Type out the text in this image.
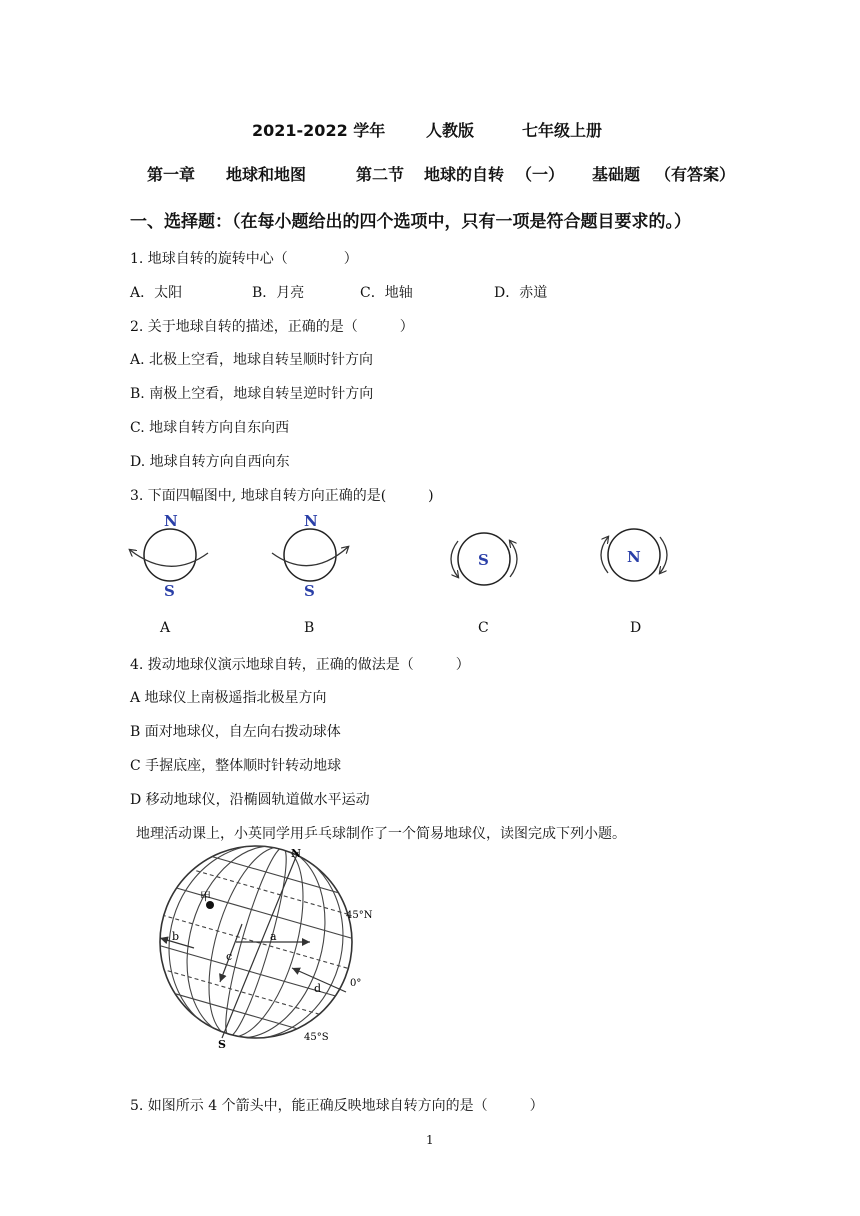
2021-2022 学年	人教版	七年级上册
第一章 地球和地图	第二节 地球的自转 （一） 基础题 （有答案）
一、选择题：（在每小题给出的四个选项中，只有一项是符合题目要求的。）
1. 地球自转的旋转中心（　　　　）
A．太阳	B．月亮	C．地轴	D．赤道
2. 关于地球自转的描述，正确的是（　　　）
A. 北极上空看，地球自转呈顺时针方向
B. 南极上空看，地球自转呈逆时针方向
C. 地球自转方向自东向西
D. 地球自转方向自西向东
3. 下面四幅图中, 地球自转方向正确的是(　　　)
N
S
N
S
S	N
A	B	C	D
4. 拨动地球仪演示地球自转，正确的做法是（　　　）
A 地球仪上南极遥指北极星方向
B 面对地球仪，自左向右拨动球体
C 手握底座，整体顺时针转动地球
D 移动地球仪，沿椭圆轨道做水平运动
地理活动课上，小英同学用乒乓球制作了一个简易地球仪，读图完成下列小题。
N
S
甲
45°N
0°
45°S
a
b
c
d
5. 如图所示 4 个箭头中，能正确反映地球自转方向的是（　　　）
1
